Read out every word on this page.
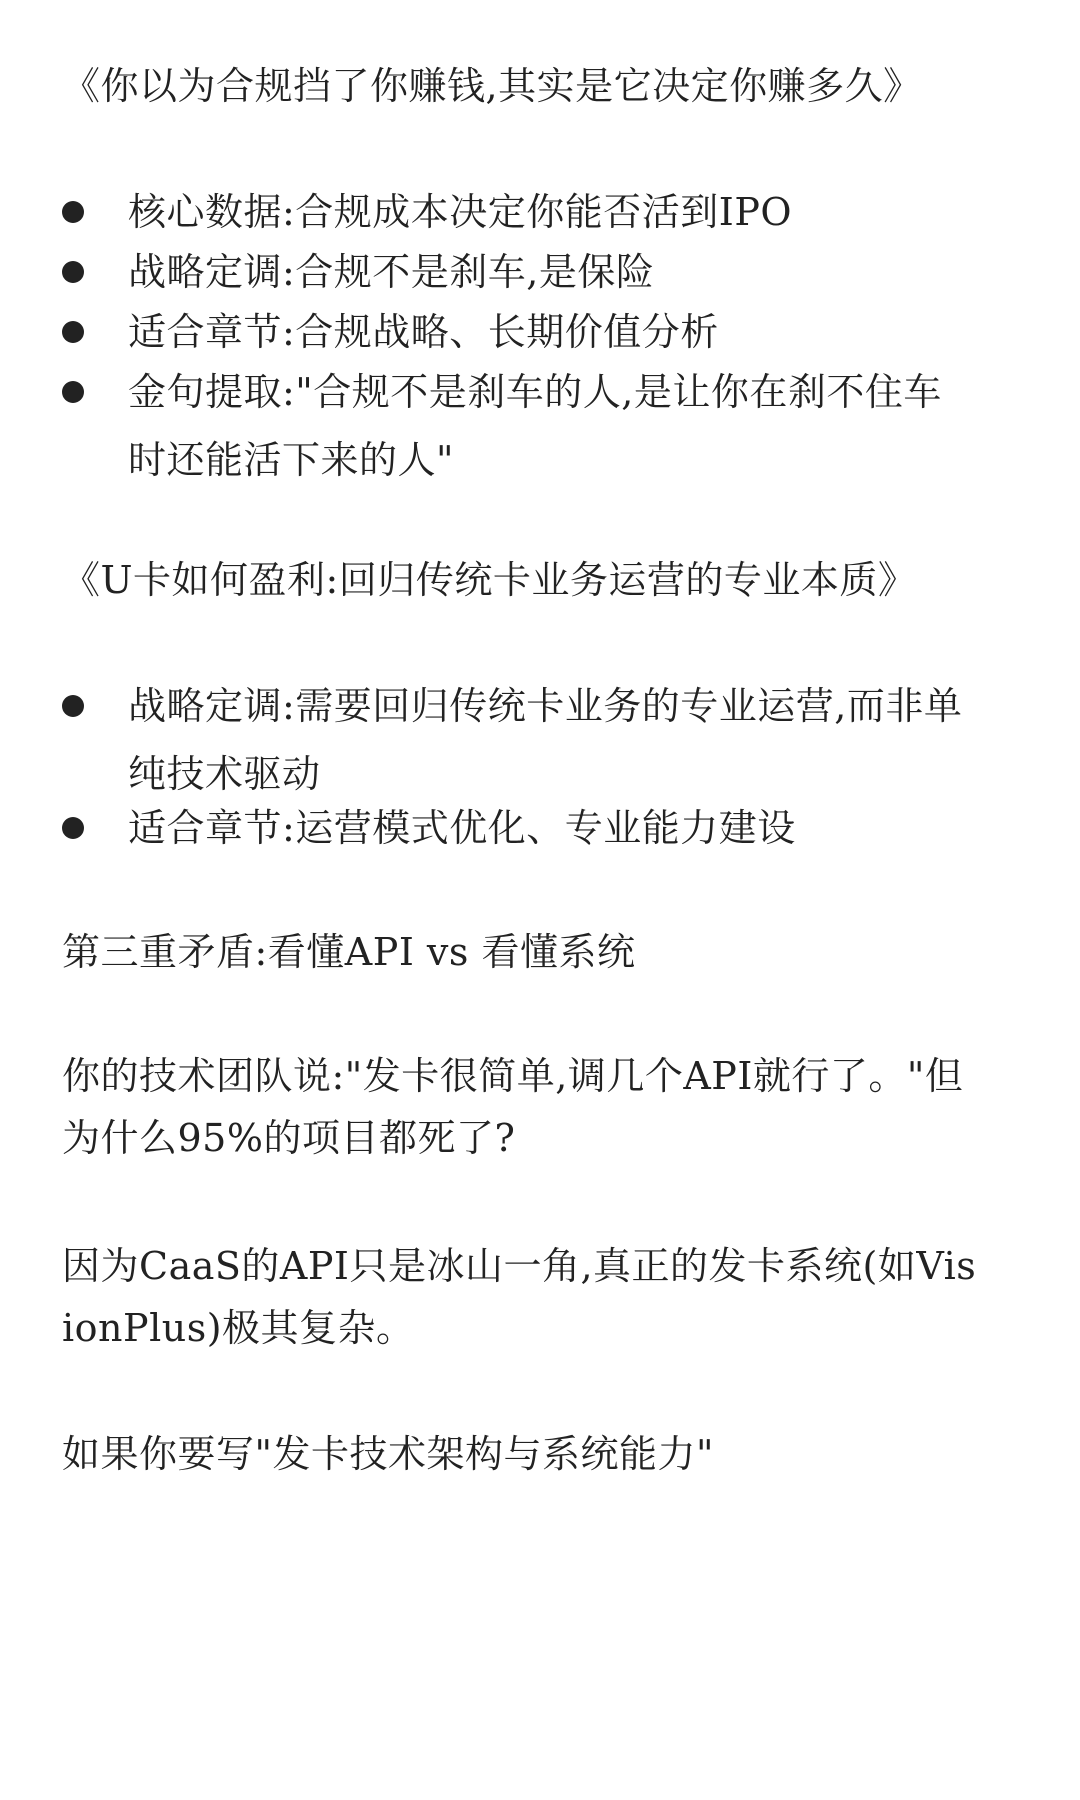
《你以为合规挡了你赚钱,其实是它决定你赚多久》
核心数据:合规成本决定你能否活到IPO
战略定调:合规不是刹车,是保险
适合章节:合规战略、长期价值分析
金句提取:"合规不是刹车的人,是让你在刹不住车
时还能活下来的人"
《U卡如何盈利:回归传统卡业务运营的专业本质》
战略定调:需要回归传统卡业务的专业运营,而非单
纯技术驱动
适合章节:运营模式优化、专业能力建设
第三重矛盾:看懂API vs 看懂系统
你的技术团队说:"发卡很简单,调几个API就行了。"但
为什么95%的项目都死了?
因为CaaS的API只是冰山一角,真正的发卡系统(如Vis
ionPlus)极其复杂。
如果你要写"发卡技术架构与系统能力"
